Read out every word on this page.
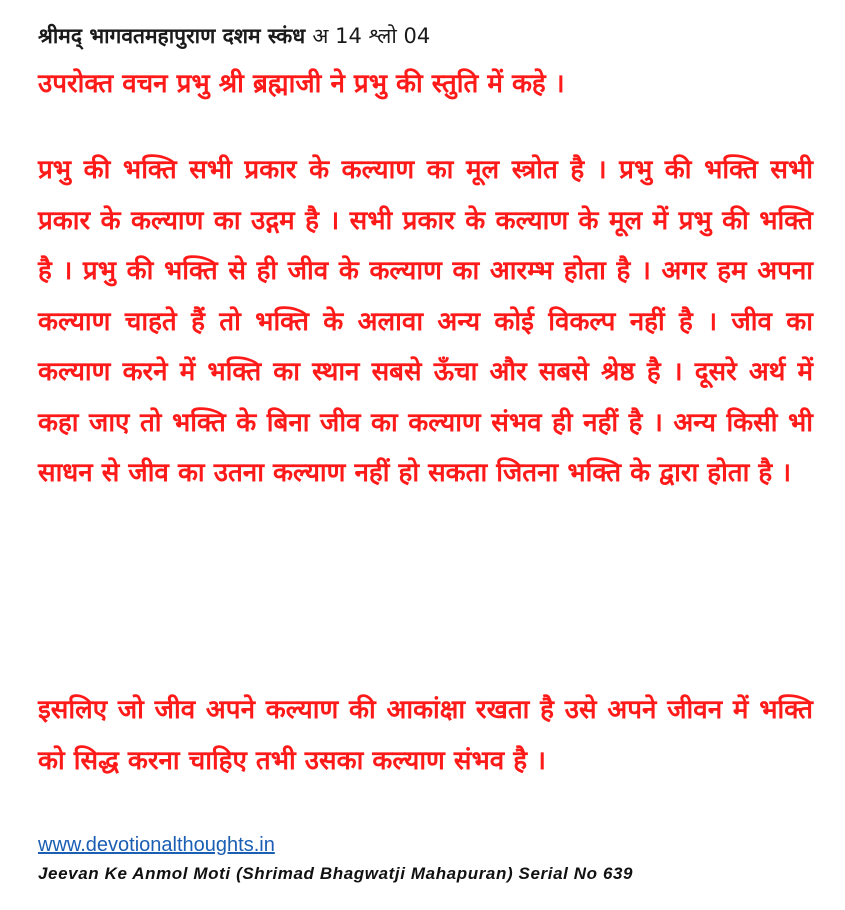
श्रीमद् भागवतमहापुराण दशम स्कंध अ 14 श्लो 04

उपरोक्त वचन प्रभु श्री ब्रह्माजी ने प्रभु की स्तुति में कहे ।

प्रभु की भक्ति सभी प्रकार के कल्याण का मूल स्त्रोत है । प्रभु की भक्ति सभी प्रकार के कल्याण का उद्गम है । सभी प्रकार के कल्याण के मूल में प्रभु की भक्ति है । प्रभु की भक्ति से ही जीव के कल्याण का आरम्भ होता है । अगर हम अपना कल्याण चाहते हैं तो भक्ति के अलावा अन्य कोई विकल्प नहीं है । जीव का कल्याण करने में भक्ति का स्थान सबसे ऊँचा और सबसे श्रेष्ठ है । दूसरे अर्थ में कहा जाए तो भक्ति के बिना जीव का कल्याण संभव ही नहीं है । अन्य किसी भी साधन से जीव का उतना कल्याण नहीं हो सकता जितना भक्ति के द्वारा होता है ।

इसलिए जो जीव अपने कल्याण की आकांक्षा रखता है उसे अपने जीवन में भक्ति को सिद्ध करना चाहिए तभी उसका कल्याण संभव है ।

www.devotionalthoughts.in
Jeevan Ke Anmol Moti (Shrimad Bhagwatji Mahapuran) Serial No 639
